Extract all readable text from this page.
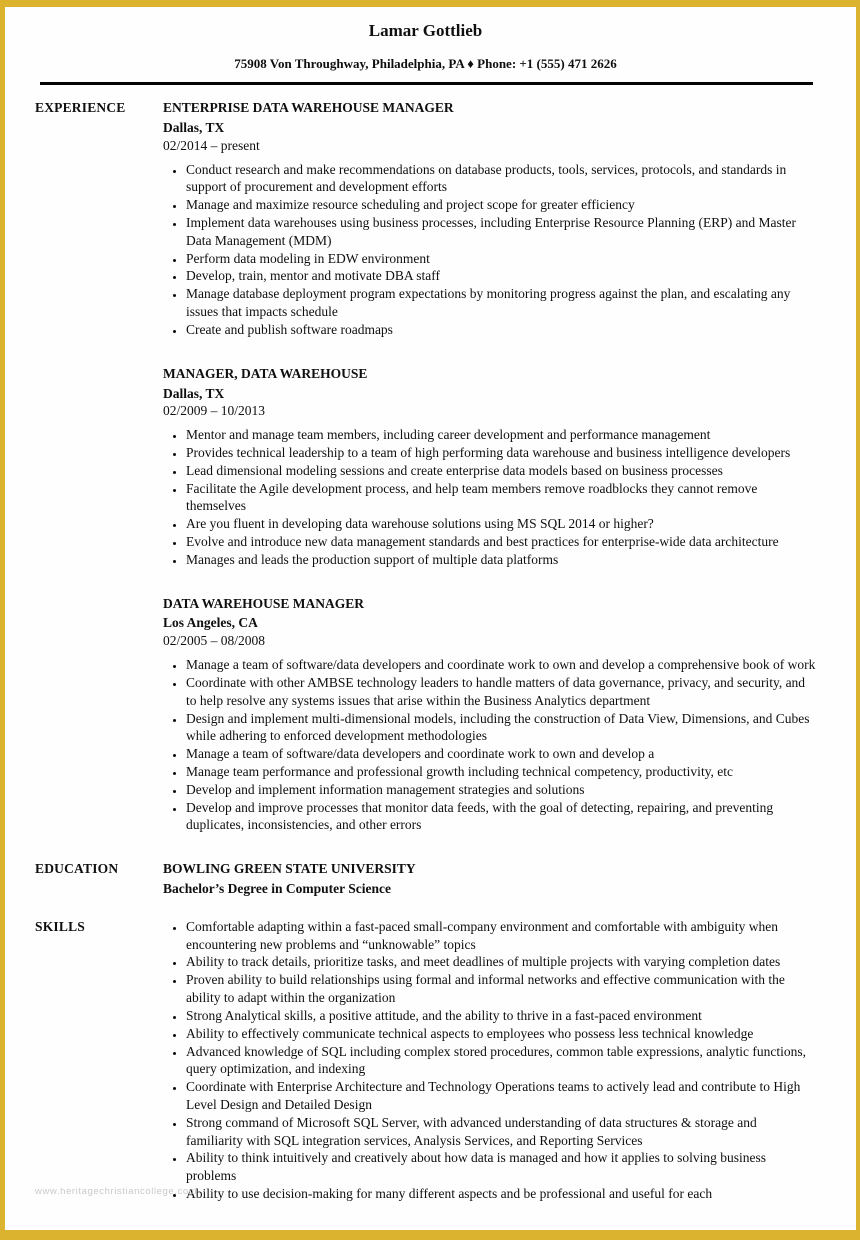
Lamar Gottlieb
75908 Von Throughway, Philadelphia, PA ♦ Phone: +1 (555) 471 2626
EXPERIENCE	ENTERPRISE DATA WAREHOUSE MANAGER
Dallas, TX
02/2014 – present
• Conduct research and make recommendations on database products, tools, services, protocols, and standards in support of procurement and development efforts
• Manage and maximize resource scheduling and project scope for greater efficiency
• Implement data warehouses using business processes, including Enterprise Resource Planning (ERP) and Master Data Management (MDM)
• Perform data modeling in EDW environment
• Develop, train, mentor and motivate DBA staff
• Manage database deployment program expectations by monitoring progress against the plan, and escalating any issues that impacts schedule
• Create and publish software roadmaps
MANAGER, DATA WAREHOUSE
Dallas, TX
02/2009 – 10/2013
• Mentor and manage team members, including career development and performance management
• Provides technical leadership to a team of high performing data warehouse and business intelligence developers
• Lead dimensional modeling sessions and create enterprise data models based on business processes
• Facilitate the Agile development process, and help team members remove roadblocks they cannot remove themselves
• Are you fluent in developing data warehouse solutions using MS SQL 2014 or higher?
• Evolve and introduce new data management standards and best practices for enterprise-wide data architecture
• Manages and leads the production support of multiple data platforms
DATA WAREHOUSE MANAGER
Los Angeles, CA
02/2005 – 08/2008
• Manage a team of software/data developers and coordinate work to own and develop a comprehensive book of work
• Coordinate with other AMBSE technology leaders to handle matters of data governance, privacy, and security, and to help resolve any systems issues that arise within the Business Analytics department
• Design and implement multi-dimensional models, including the construction of Data View, Dimensions, and Cubes while adhering to enforced development methodologies
• Manage a team of software/data developers and coordinate work to own and develop a
• Manage team performance and professional growth including technical competency, productivity, etc
• Develop and implement information management strategies and solutions
• Develop and improve processes that monitor data feeds, with the goal of detecting, repairing, and preventing duplicates, inconsistencies, and other errors
EDUCATION	BOWLING GREEN STATE UNIVERSITY
Bachelor’s Degree in Computer Science
SKILLS	• Comfortable adapting within a fast-paced small-company environment and comfortable with ambiguity when encountering new problems and “unknowable” topics
• Ability to track details, prioritize tasks, and meet deadlines of multiple projects with varying completion dates
• Proven ability to build relationships using formal and informal networks and effective communication with the ability to adapt within the organization
• Strong Analytical skills, a positive attitude, and the ability to thrive in a fast-paced environment
• Ability to effectively communicate technical aspects to employees who possess less technical knowledge
• Advanced knowledge of SQL including complex stored procedures, common table expressions, analytic functions, query optimization, and indexing
• Coordinate with Enterprise Architecture and Technology Operations teams to actively lead and contribute to High Level Design and Detailed Design
• Strong command of Microsoft SQL Server, with advanced understanding of data structures & storage and familiarity with SQL integration services, Analysis Services, and Reporting Services
• Ability to think intuitively and creatively about how data is managed and how it applies to solving business problems
• Ability to use decision-making for many different aspects and be professional and useful for each
www.heritagechristiancollege.com
